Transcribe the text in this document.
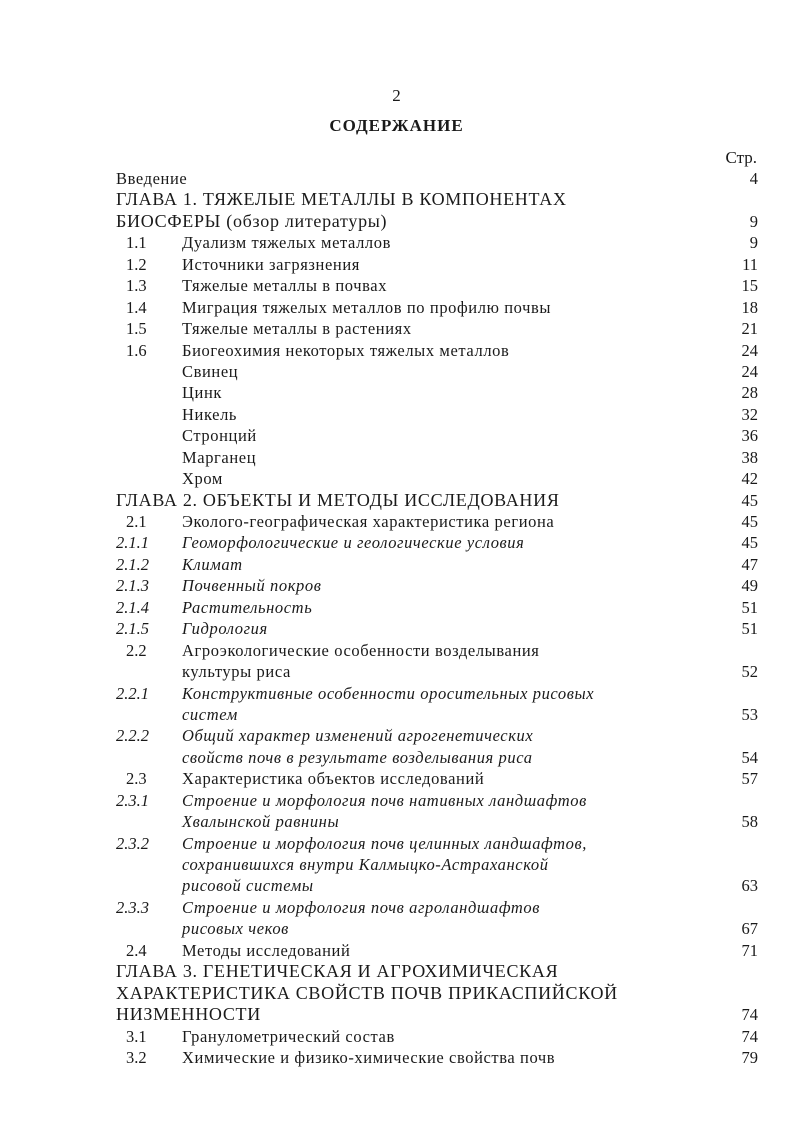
2
СОДЕРЖАНИЕ
Стр.
Введение	4
ГЛАВА 1. ТЯЖЕЛЫЕ МЕТАЛЛЫ В КОМПОНЕНТАХ
БИОСФЕРЫ (обзор литературы)	9
1.1 Дуализм тяжелых металлов	9
1.2 Источники загрязнения	11
1.3 Тяжелые металлы в почвах	15
1.4 Миграция тяжелых металлов по профилю почвы	18
1.5 Тяжелые металлы в растениях	21
1.6 Биогеохимия некоторых тяжелых металлов	24
Свинец	24
Цинк	28
Никель	32
Стронций	36
Марганец	38
Хром	42
ГЛАВА 2. ОБЪЕКТЫ И МЕТОДЫ ИССЛЕДОВАНИЯ	45
2.1 Эколого-географическая характеристика региона	45
2.1.1 Геоморфологические и геологические условия	45
2.1.2 Климат	47
2.1.3 Почвенный покров	49
2.1.4 Растительность	51
2.1.5 Гидрология	51
2.2 Агроэкологические особенности возделывания
культуры риса	52
2.2.1 Конструктивные особенности оросительных рисовых
систем	53
2.2.2 Общий характер изменений агрогенетических
свойств почв в результате возделывания риса	54
2.3 Характеристика объектов исследований	57
2.3.1 Строение и морфология почв нативных ландшафтов
Хвалынской равнины	58
2.3.2 Строение и морфология почв целинных ландшафтов,
сохранившихся внутри Калмыцко-Астраханской
рисовой системы	63
2.3.3 Строение и морфология почв агроландшафтов
рисовых чеков	67
2.4 Методы исследований	71
ГЛАВА 3. ГЕНЕТИЧЕСКАЯ И АГРОХИМИЧЕСКАЯ
ХАРАКТЕРИСТИКА СВОЙСТВ ПОЧВ ПРИКАСПИЙСКОЙ
НИЗМЕННОСТИ	74
3.1 Гранулометрический состав	74
3.2 Химические и физико-химические свойства почв	79
